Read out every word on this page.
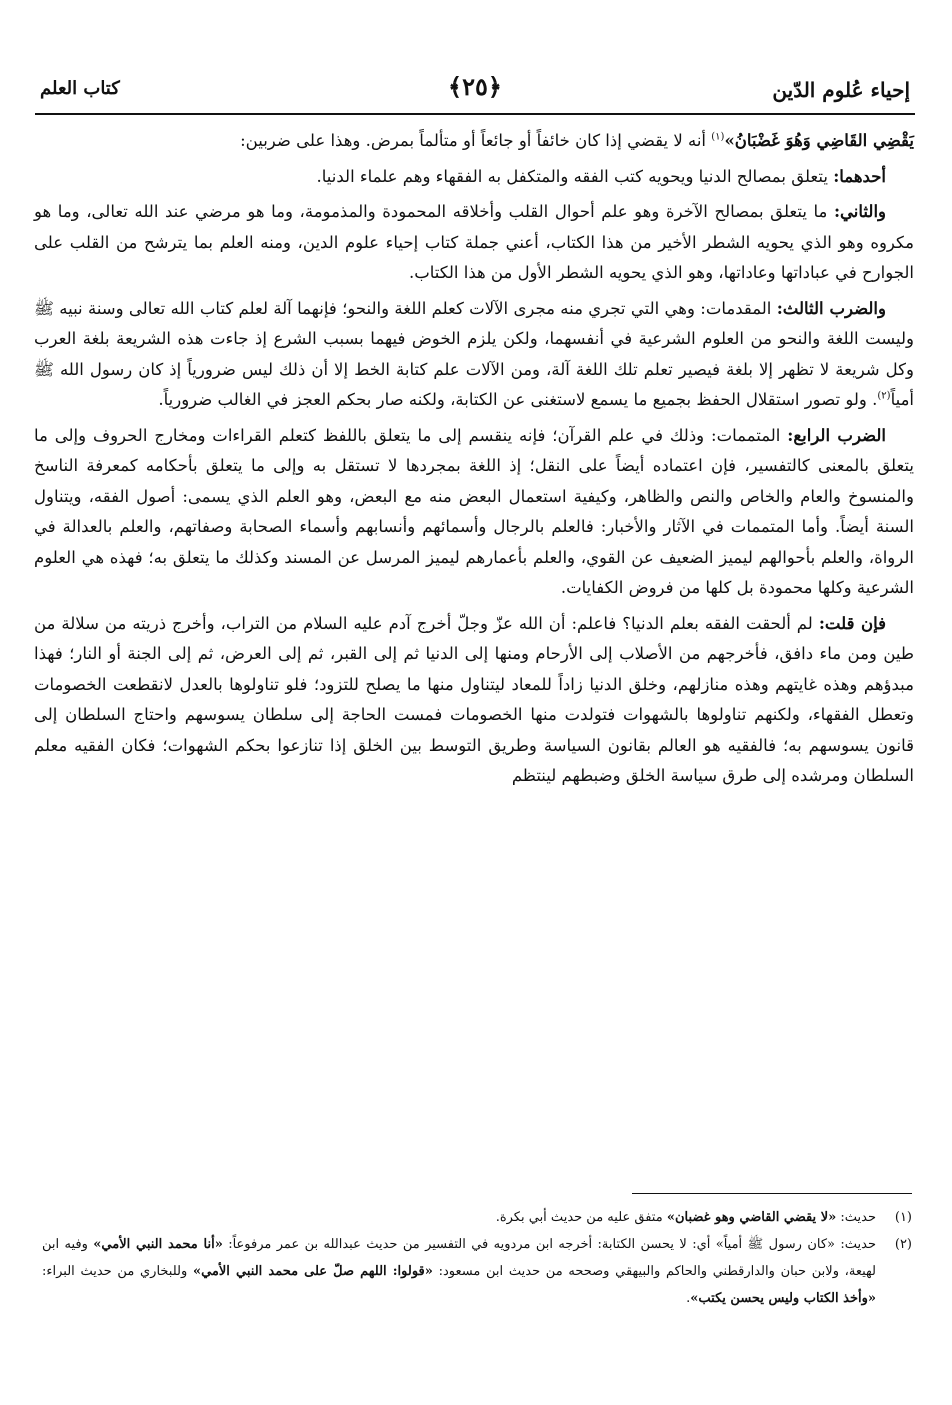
إحياء عُلوم الدّين
﴿٢٥﴾
كتاب العلم

يَقْضِي القَاضِي وَهُوَ غَضْبَانُ»$^{(١)}$ أنه لا يقضي إذا كان خائفاً أو جائعاً أو متألماً بمرض. وهذا على ضربين:

أحدهما: يتعلق بمصالح الدنيا ويحويه كتب الفقه والمتكفل به الفقهاء وهم علماء الدنيا.

والثاني: ما يتعلق بمصالح الآخرة وهو علم أحوال القلب وأخلاقه المحمودة والمذمومة، وما هو مرضي عند الله تعالى، وما هو مكروه وهو الذي يحويه الشطر الأخير من هذا الكتاب، أعني جملة كتاب إحياء علوم الدين، ومنه العلم بما يترشح من القلب على الجوارح في عباداتها وعاداتها، وهو الذي يحويه الشطر الأول من هذا الكتاب.

والضرب الثالث: المقدمات: وهي التي تجري منه مجرى الآلات كعلم اللغة والنحو؛ فإنهما آلة لعلم كتاب الله تعالى وسنة نبيه ﷺ وليست اللغة والنحو من العلوم الشرعية في أنفسهما، ولكن يلزم الخوض فيهما بسبب الشرع إذ جاءت هذه الشريعة بلغة العرب وكل شريعة لا تظهر إلا بلغة فيصير تعلم تلك اللغة آلة، ومن الآلات علم كتابة الخط إلا أن ذلك ليس ضرورياً إذ كان رسول الله ﷺ أمياً$^{(٢)}$. ولو تصور استقلال الحفظ بجميع ما يسمع لاستغنى عن الكتابة، ولكنه صار بحكم العجز في الغالب ضرورياً.

الضرب الرابع: المتممات: وذلك في علم القرآن؛ فإنه ينقسم إلى ما يتعلق باللفظ كتعلم القراءات ومخارج الحروف وإلى ما يتعلق بالمعنى كالتفسير، فإن اعتماده أيضاً على النقل؛ إذ اللغة بمجردها لا تستقل به وإلى ما يتعلق بأحكامه كمعرفة الناسخ والمنسوخ والعام والخاص والنص والظاهر، وكيفية استعمال البعض منه مع البعض، وهو العلم الذي يسمى: أصول الفقه، ويتناول السنة أيضاً. وأما المتممات في الآثار والأخبار: فالعلم بالرجال وأسمائهم وأنسابهم وأسماء الصحابة وصفاتهم، والعلم بالعدالة في الرواة، والعلم بأحوالهم ليميز الضعيف عن القوي، والعلم بأعمارهم ليميز المرسل عن المسند وكذلك ما يتعلق به؛ فهذه هي العلوم الشرعية وكلها محمودة بل كلها من فروض الكفايات.

فإن قلت: لم ألحقت الفقه بعلم الدنيا؟ فاعلم: أن الله عزّ وجلّ أخرج آدم عليه السلام من التراب، وأخرج ذريته من سلالة من طين ومن ماء دافق، فأخرجهم من الأصلاب إلى الأرحام ومنها إلى الدنيا ثم إلى القبر، ثم إلى العرض، ثم إلى الجنة أو النار؛ فهذا مبدؤهم وهذه غايتهم وهذه منازلهم، وخلق الدنيا زاداً للمعاد ليتناول منها ما يصلح للتزود؛ فلو تناولوها بالعدل لانقطعت الخصومات وتعطل الفقهاء، ولكنهم تناولوها بالشهوات فتولدت منها الخصومات فمست الحاجة إلى سلطان يسوسهم واحتاج السلطان إلى قانون يسوسهم به؛ فالفقيه هو العالم بقانون السياسة وطريق التوسط بين الخلق إذا تنازعوا بحكم الشهوات؛ فكان الفقيه معلم السلطان ومرشده إلى طرق سياسة الخلق وضبطهم لينتظم

(١)
حديث: «لا يقضي القاضي وهو غضبان» متفق عليه من حديث أبي بكرة.
(٢)
حديث: «كان رسول ﷺ أمياً» أي: لا يحسن الكتابة: أخرجه ابن مردويه في التفسير من حديث عبدالله بن عمر مرفوعاً: «أنا محمد النبي الأمي» وفيه ابن لهيعة، ولابن حبان والدارقطني والحاكم والبيهقي وصححه من حديث ابن مسعود: «قولوا: اللهم صلّ على محمد النبي الأمي» وللبخاري من حديث البراء: «وأخذ الكتاب وليس يحسن يكتب».
